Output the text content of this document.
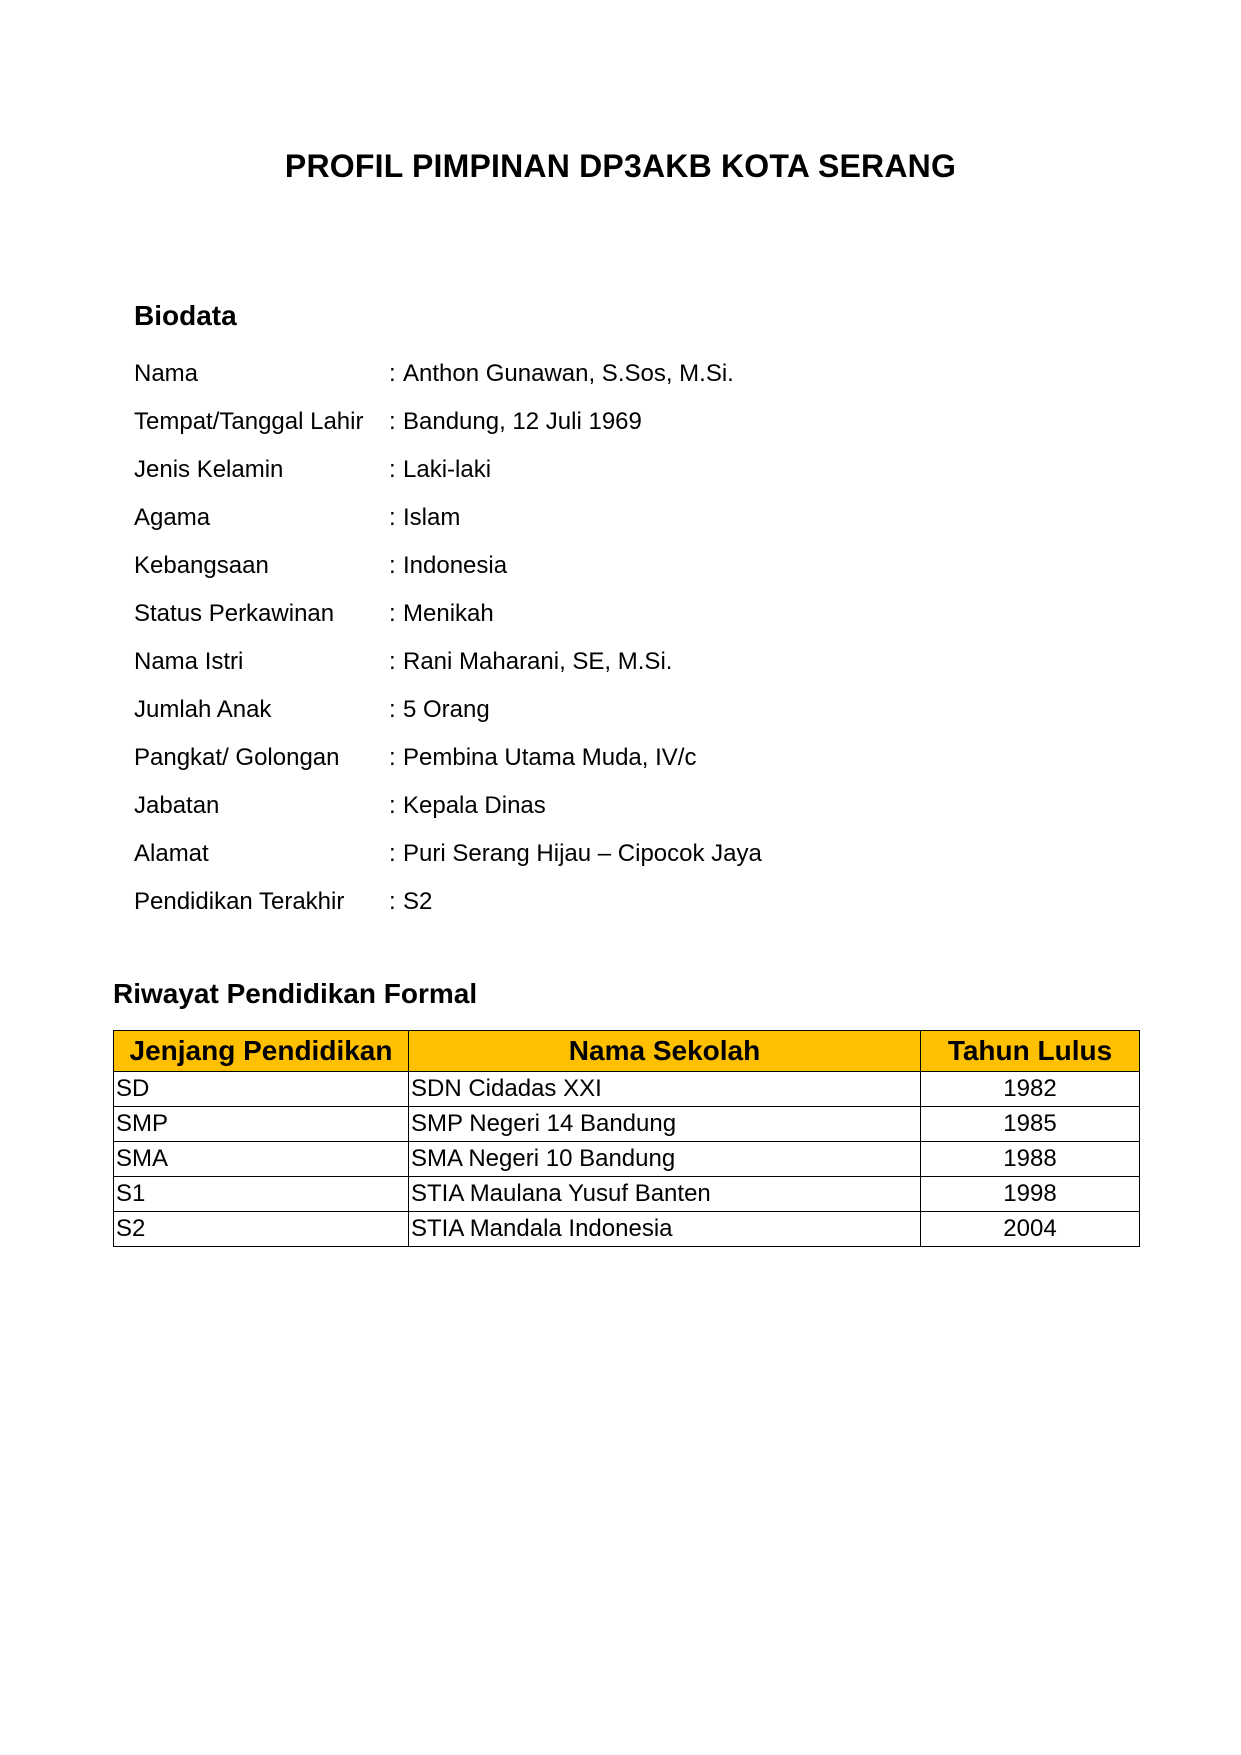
PROFIL PIMPINAN DP3AKB KOTA SERANG
Biodata
Nama	: Anthon Gunawan, S.Sos, M.Si.
Tempat/Tanggal Lahir	: Bandung, 12 Juli 1969
Jenis Kelamin	: Laki-laki
Agama	: Islam
Kebangsaan	: Indonesia
Status Perkawinan	: Menikah
Nama Istri	: Rani Maharani, SE, M.Si.
Jumlah Anak	: 5 Orang
Pangkat/ Golongan	: Pembina Utama Muda, IV/c
Jabatan	: Kepala Dinas
Alamat	: Puri Serang Hijau – Cipocok Jaya
Pendidikan Terakhir	: S2
Riwayat Pendidikan Formal
Jenjang Pendidikan	Nama Sekolah	Tahun Lulus
SD	SDN Cidadas XXI	1982
SMP	SMP Negeri 14 Bandung	1985
SMA	SMA Negeri 10 Bandung	1988
S1	STIA Maulana Yusuf Banten	1998
S2	STIA Mandala Indonesia	2004
